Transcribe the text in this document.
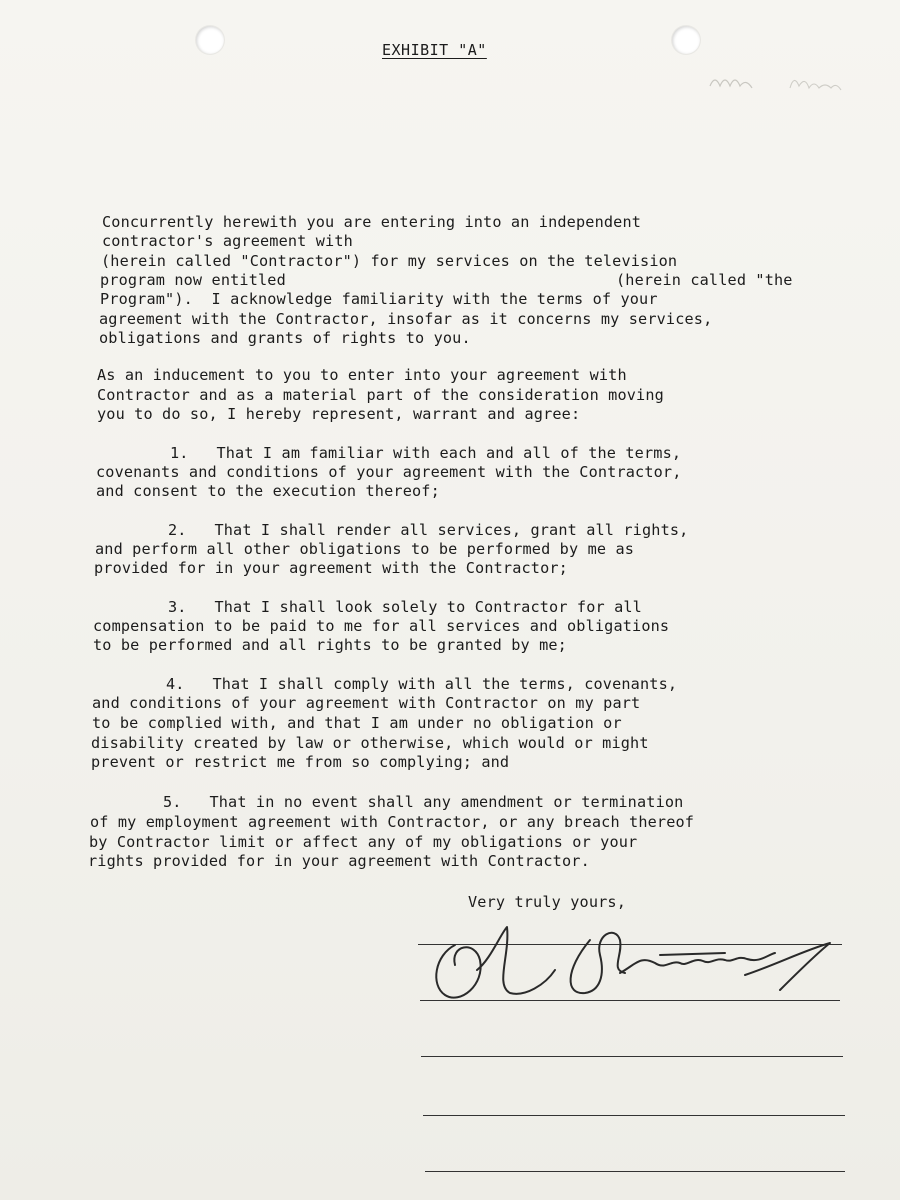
EXHIBIT "A"
Concurrently herewith you are entering into an independent
contractor's agreement with
(herein called "Contractor") for my services on the television
program now entitled	(herein called "the
Program").  I acknowledge familiarity with the terms of your
agreement with the Contractor, insofar as it concerns my services,
obligations and grants of rights to you.
As an inducement to you to enter into your agreement with
Contractor and as a material part of the consideration moving
you to do so, I hereby represent, warrant and agree:
1.   That I am familiar with each and all of the terms,
covenants and conditions of your agreement with the Contractor,
and consent to the execution thereof;
2.   That I shall render all services, grant all rights,
and perform all other obligations to be performed by me as
provided for in your agreement with the Contractor;
3.   That I shall look solely to Contractor for all
compensation to be paid to me for all services and obligations
to be performed and all rights to be granted by me;
4.   That I shall comply with all the terms, covenants,
and conditions of your agreement with Contractor on my part
to be complied with, and that I am under no obligation or
disability created by law or otherwise, which would or might
prevent or restrict me from so complying; and
5.   That in no event shall any amendment or termination
of my employment agreement with Contractor, or any breach thereof
by Contractor limit or affect any of my obligations or your
rights provided for in your agreement with Contractor.
Very truly yours,
